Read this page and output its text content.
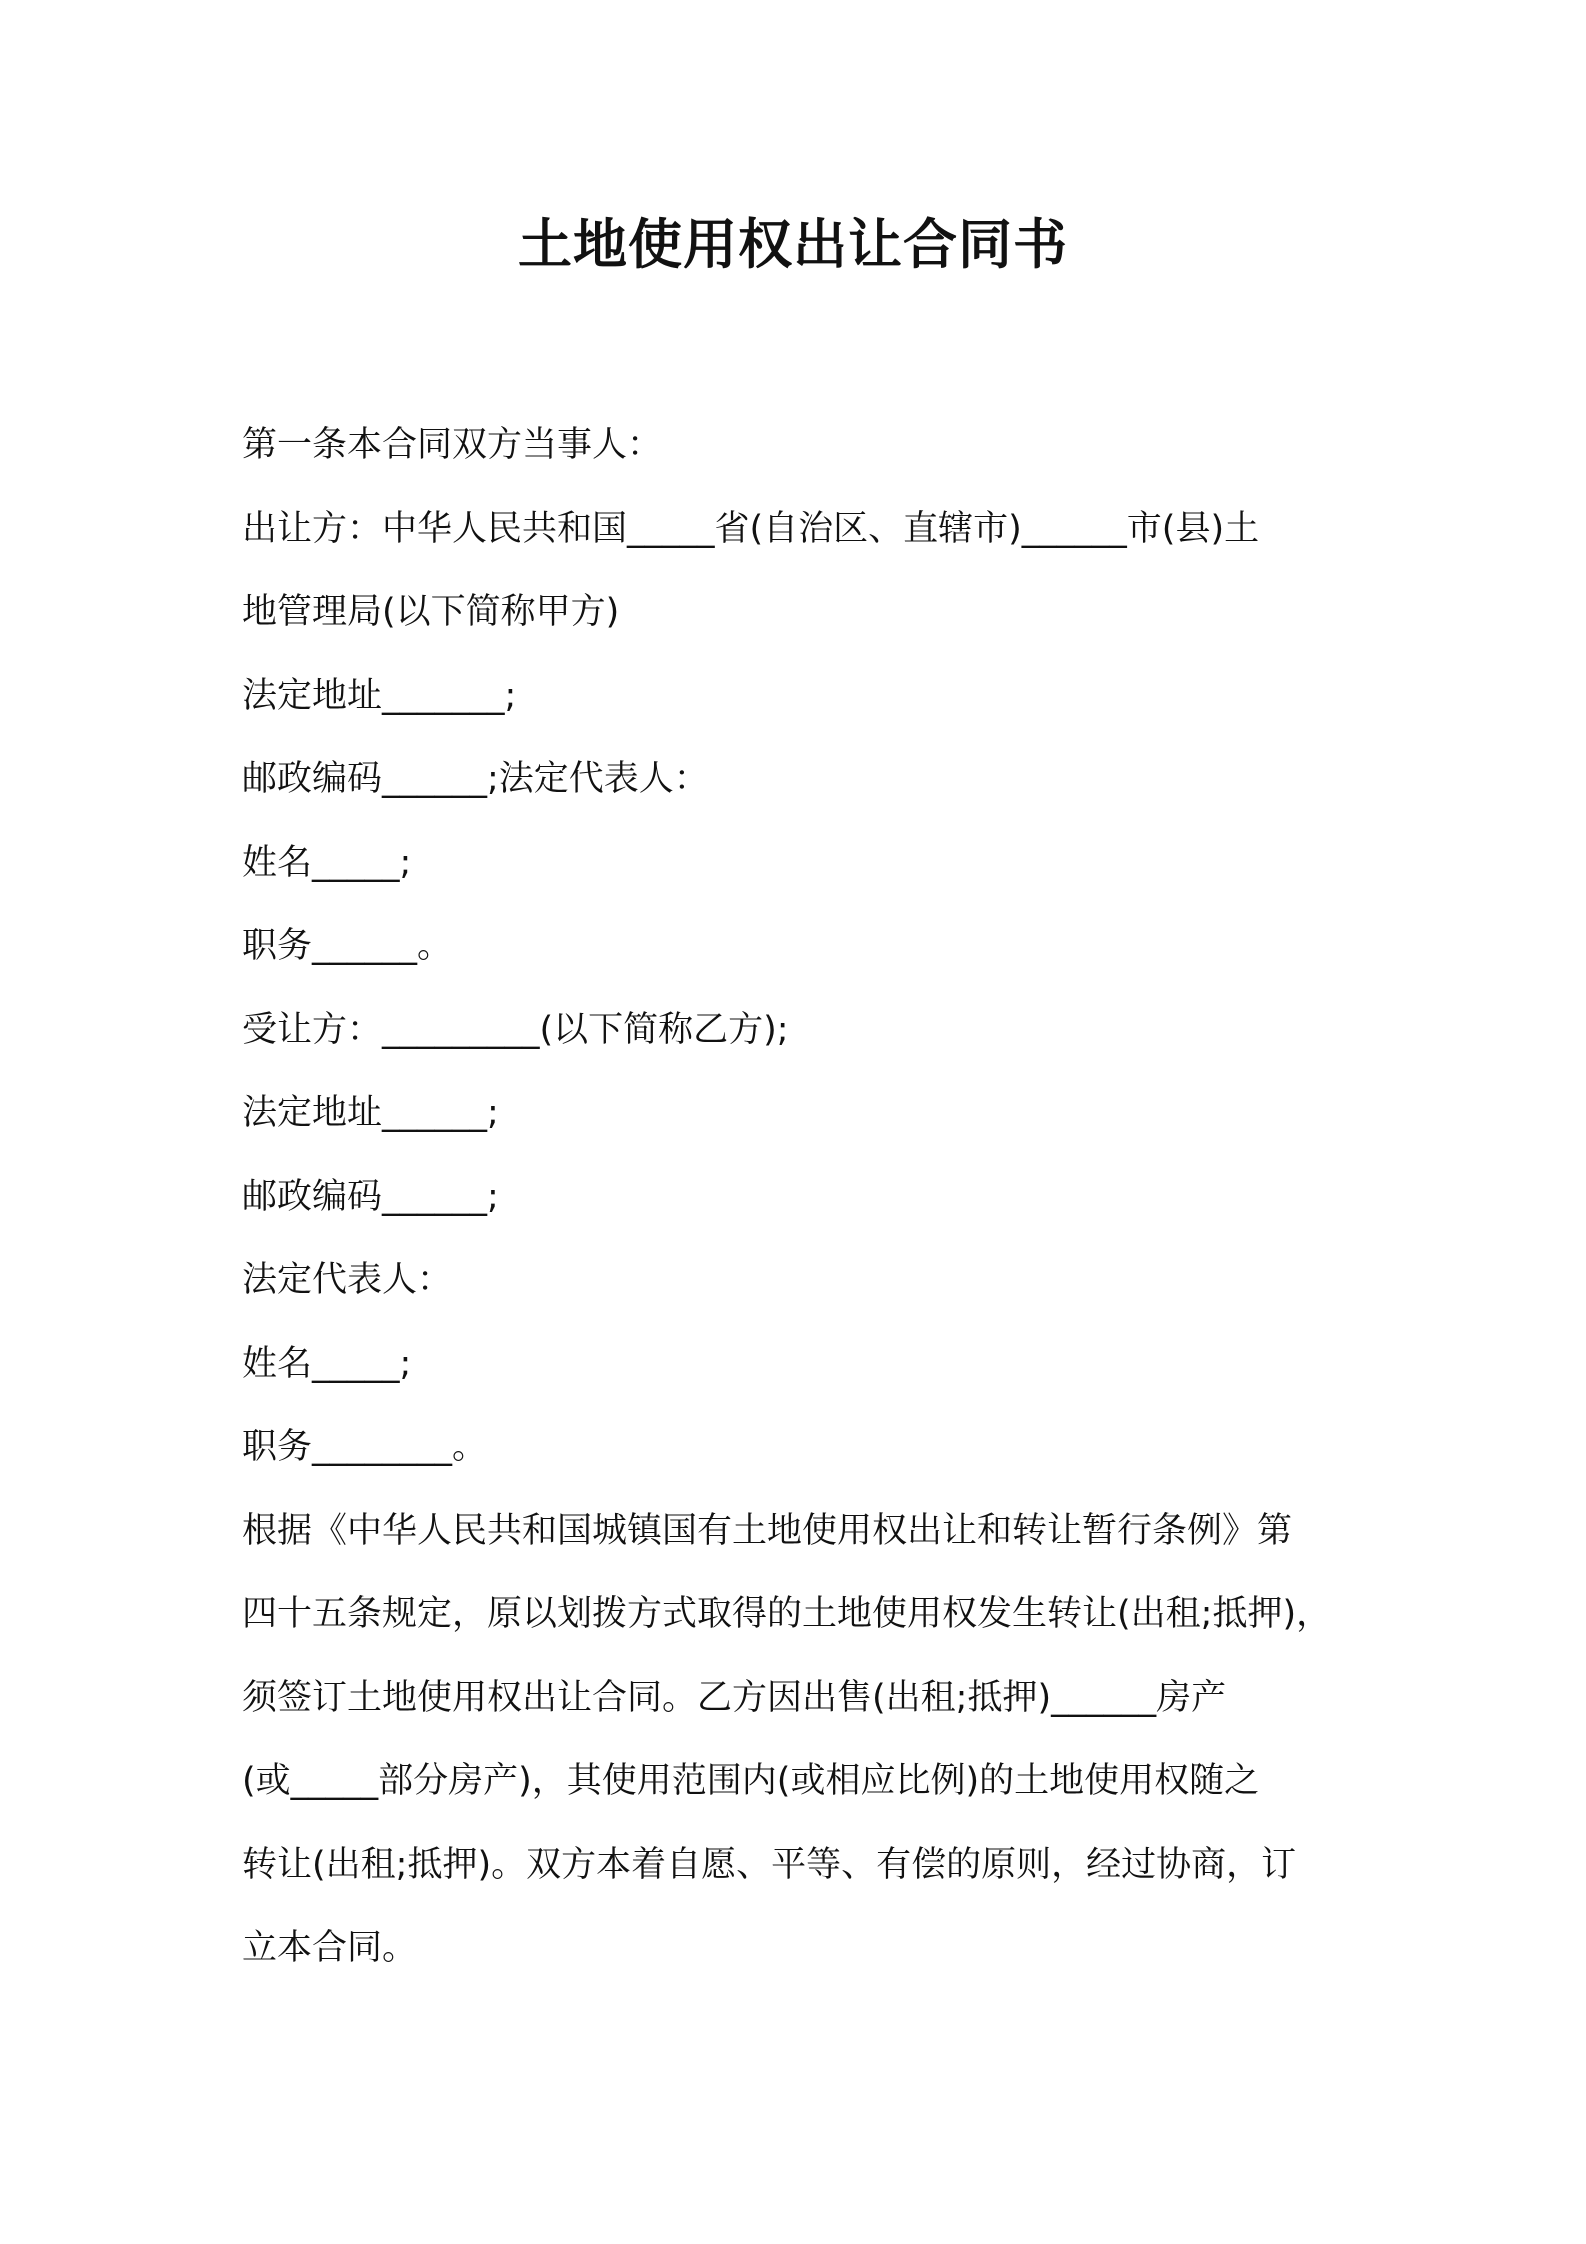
土地使用权出让合同书
第一条本合同双方当事人：
出让方：中华人民共和国_____省(自治区、直辖市)______市(县)土
地管理局(以下简称甲方)
法定地址_______;
邮政编码______;法定代表人：
姓名_____;
职务______。
受让方：_________(以下简称乙方);
法定地址______;
邮政编码______;
法定代表人：
姓名_____;
职务________。
根据《中华人民共和国城镇国有土地使用权出让和转让暂行条例》第
四十五条规定，原以划拨方式取得的土地使用权发生转让(出租;抵押)，
须签订土地使用权出让合同。乙方因出售(出租;抵押)______房产
(或_____部分房产)，其使用范围内(或相应比例)的土地使用权随之
转让(出租;抵押)。双方本着自愿、平等、有偿的原则，经过协商，订
立本合同。
